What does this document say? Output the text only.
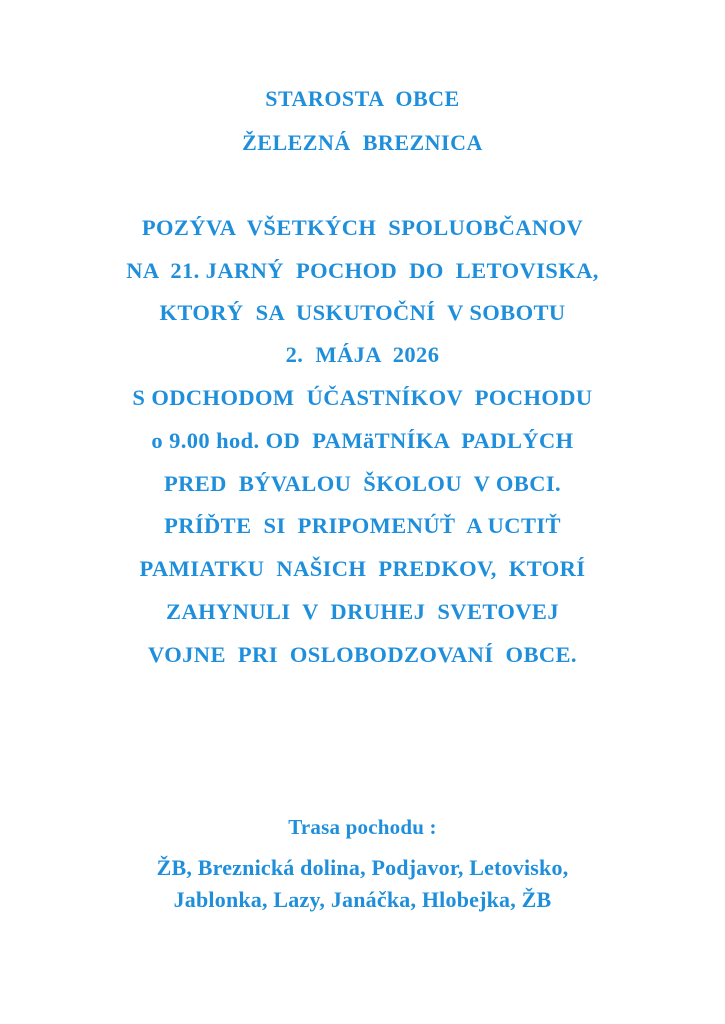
STAROSTA  OBCE
ŽELEZNÁ  BREZNICA
POZÝVA  VŠETKÝCH  SPOLUOBČANOV
NA  21. JARNÝ  POCHOD  DO  LETOVISKA,
KTORÝ  SA  USKUTOČNÍ  V SOBOTU
2.  MÁJA  2026
S ODCHODOM  ÚČASTNÍKOV  POCHODU
o 9.00 hod. OD  PAMäTNÍKA  PADLÝCH
PRED  BÝVALOU  ŠKOLOU  V OBCI.
PRÍĎTE  SI  PRIPOMENÚŤ  A UCTIŤ
PAMIATKU  NAŠICH  PREDKOV,  KTORÍ
ZAHYNULI  V  DRUHEJ  SVETOVEJ
VOJNE  PRI  OSLOBODZOVANÍ  OBCE.
Trasa pochodu :
ŽB, Breznická dolina, Podjavor, Letovisko,
Jablonka, Lazy, Janáčka, Hlobejka, ŽB
